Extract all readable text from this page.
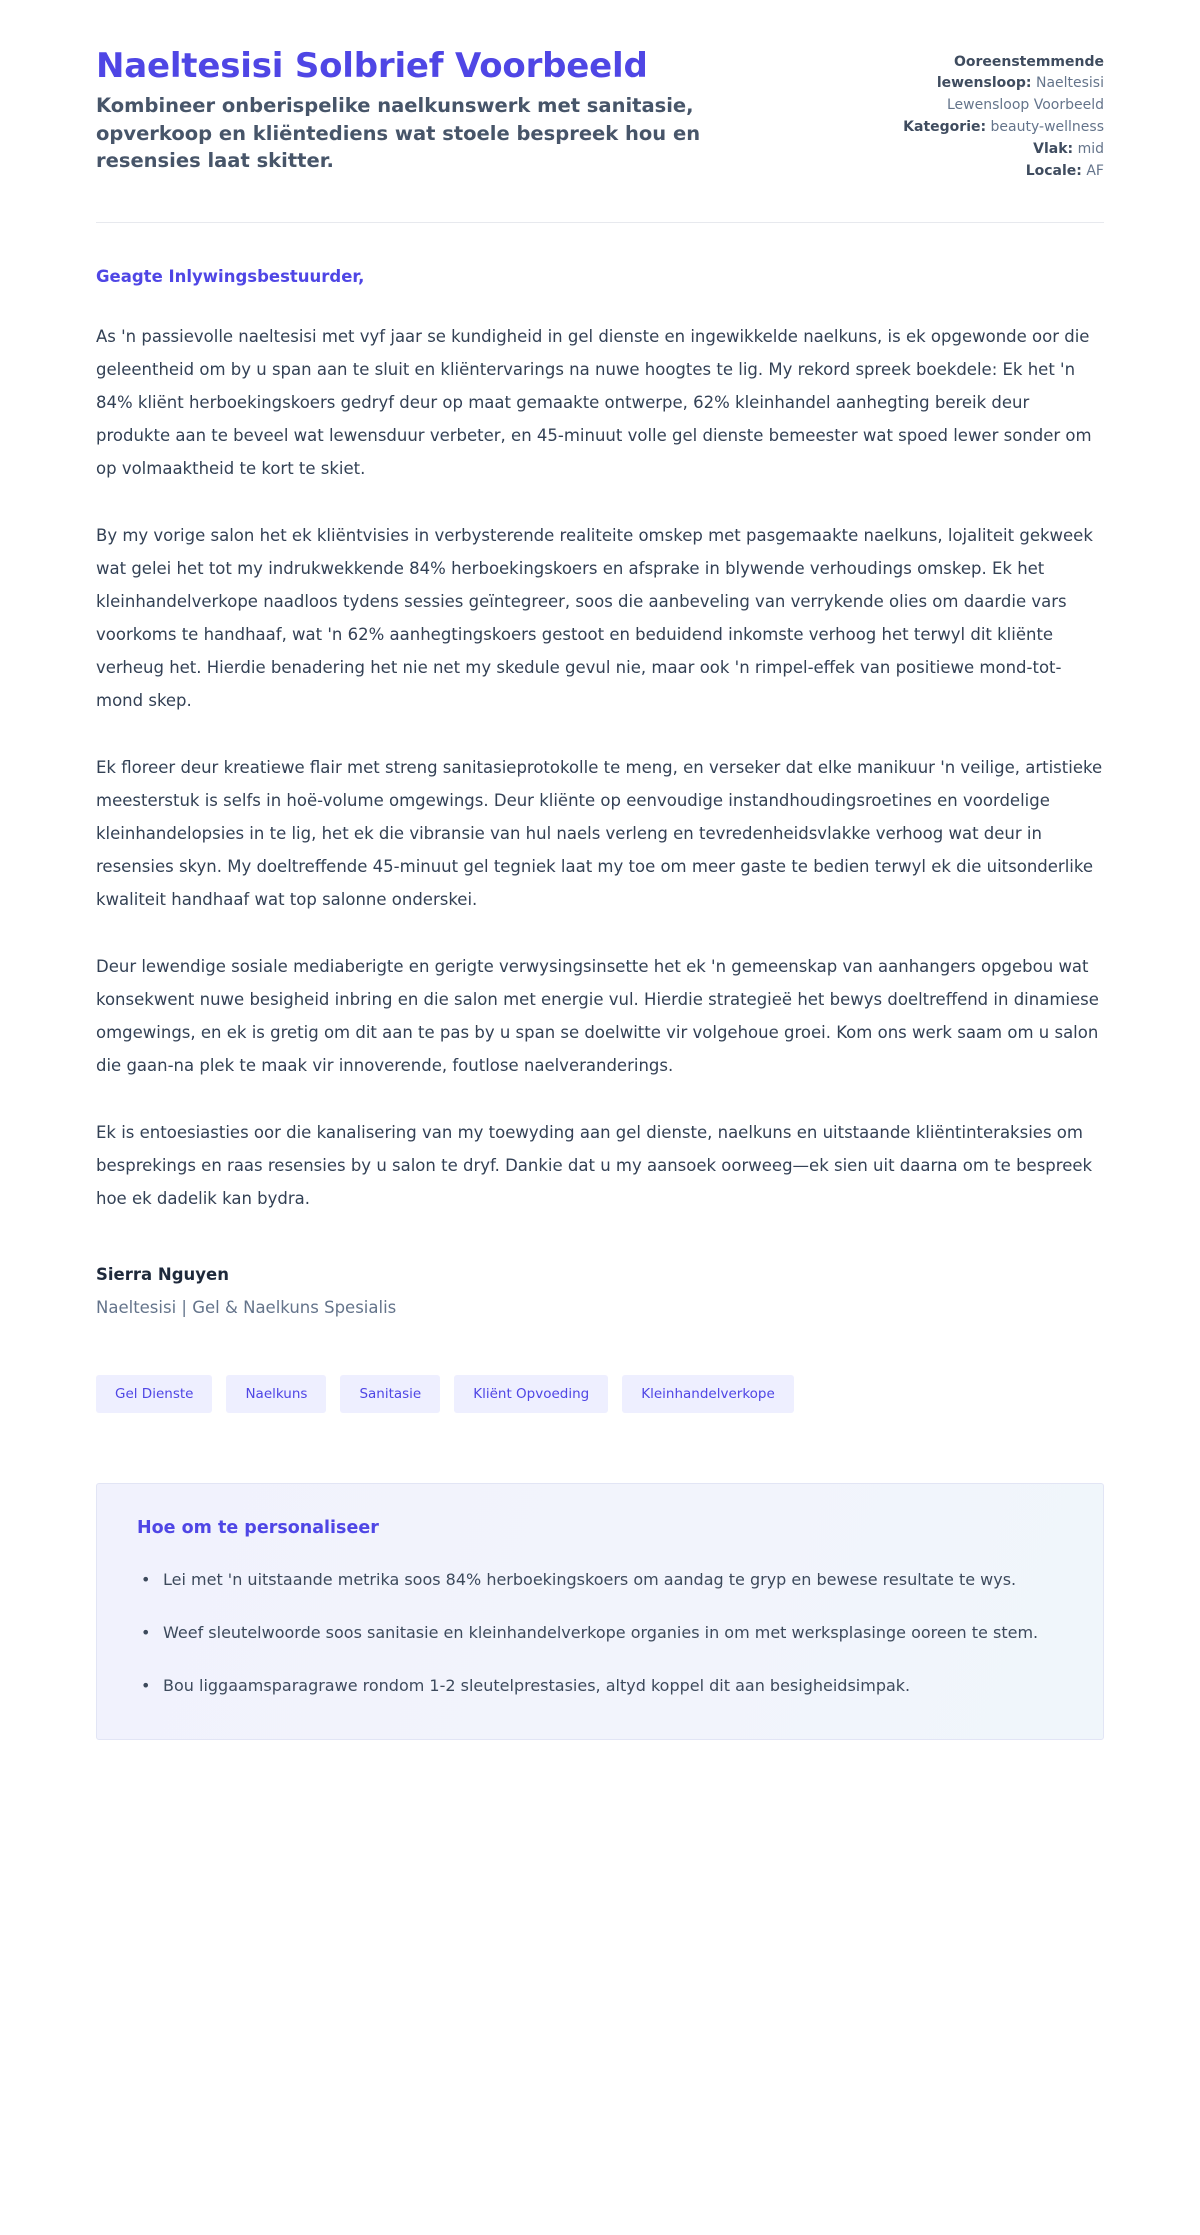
Naeltesisi Solbrief Voorbeeld

Kombineer onberispelike naelkunswerk met sanitasie, opverkoop en kliëntediens wat stoele bespreek hou en resensies laat skitter.

Ooreenstemmende lewensloop: Naeltesisi Lewensloop Voorbeeld
Kategorie: beauty-wellness
Vlak: mid
Locale: AF

Geagte Inlywingsbestuurder,

As 'n passievolle naeltesisi met vyf jaar se kundigheid in gel dienste en ingewikkelde naelkuns, is ek opgewonde oor die geleentheid om by u span aan te sluit en kliëntervarings na nuwe hoogtes te lig. My rekord spreek boekdele: Ek het 'n 84% kliënt herboekingskoers gedryf deur op maat gemaakte ontwerpe, 62% kleinhandel aanhegting bereik deur produkte aan te beveel wat lewensduur verbeter, en 45-minuut volle gel dienste bemeester wat spoed lewer sonder om op volmaaktheid te kort te skiet.

By my vorige salon het ek kliëntvisies in verbysterende realiteite omskep met pasgemaakte naelkuns, lojaliteit gekweek wat gelei het tot my indrukwekkende 84% herboekingskoers en afsprake in blywende verhoudings omskep. Ek het kleinhandelverkope naadloos tydens sessies geïntegreer, soos die aanbeveling van verrykende olies om daardie vars voorkoms te handhaaf, wat 'n 62% aanhegtingskoers gestoot en beduidend inkomste verhoog het terwyl dit kliënte verheug het. Hierdie benadering het nie net my skedule gevul nie, maar ook 'n rimpel-effek van positiewe mond-tot-mond skep.

Ek floreer deur kreatiewe flair met streng sanitasieprotokolle te meng, en verseker dat elke manikuur 'n veilige, artistieke meesterstuk is selfs in hoë-volume omgewings. Deur kliënte op eenvoudige instandhoudingsroetines en voordelige kleinhandelopsies in te lig, het ek die vibransie van hul naels verleng en tevredenheidsvlakke verhoog wat deur in resensies skyn. My doeltreffende 45-minuut gel tegniek laat my toe om meer gaste te bedien terwyl ek die uitsonderlike kwaliteit handhaaf wat top salonne onderskei.

Deur lewendige sosiale mediaberigte en gerigte verwysingsinsette het ek 'n gemeenskap van aanhangers opgebou wat konsekwent nuwe besigheid inbring en die salon met energie vul. Hierdie strategieë het bewys doeltreffend in dinamiese omgewings, en ek is gretig om dit aan te pas by u span se doelwitte vir volgehoue groei. Kom ons werk saam om u salon die gaan-na plek te maak vir innoverende, foutlose naelveranderings.

Ek is entoesiasties oor die kanalisering van my toewyding aan gel dienste, naelkuns en uitstaande kliëntinteraksies om besprekings en raas resensies by u salon te dryf. Dankie dat u my aansoek oorweeg—ek sien uit daarna om te bespreek hoe ek dadelik kan bydra.

Sierra Nguyen

Naeltesisi | Gel & Naelkuns Spesialis

Gel Dienste	Naelkuns	Sanitasie	Kliënt Opvoeding	Kleinhandelverkope

Hoe om te personaliseer

• Lei met 'n uitstaande metrika soos 84% herboekingskoers om aandag te gryp en bewese resultate te wys.
• Weef sleutelwoorde soos sanitasie en kleinhandelverkope organies in om met werksplasinge ooreen te stem.
• Bou liggaamsparagrawe rondom 1-2 sleutelprestasies, altyd koppel dit aan besigheidsimpak.
